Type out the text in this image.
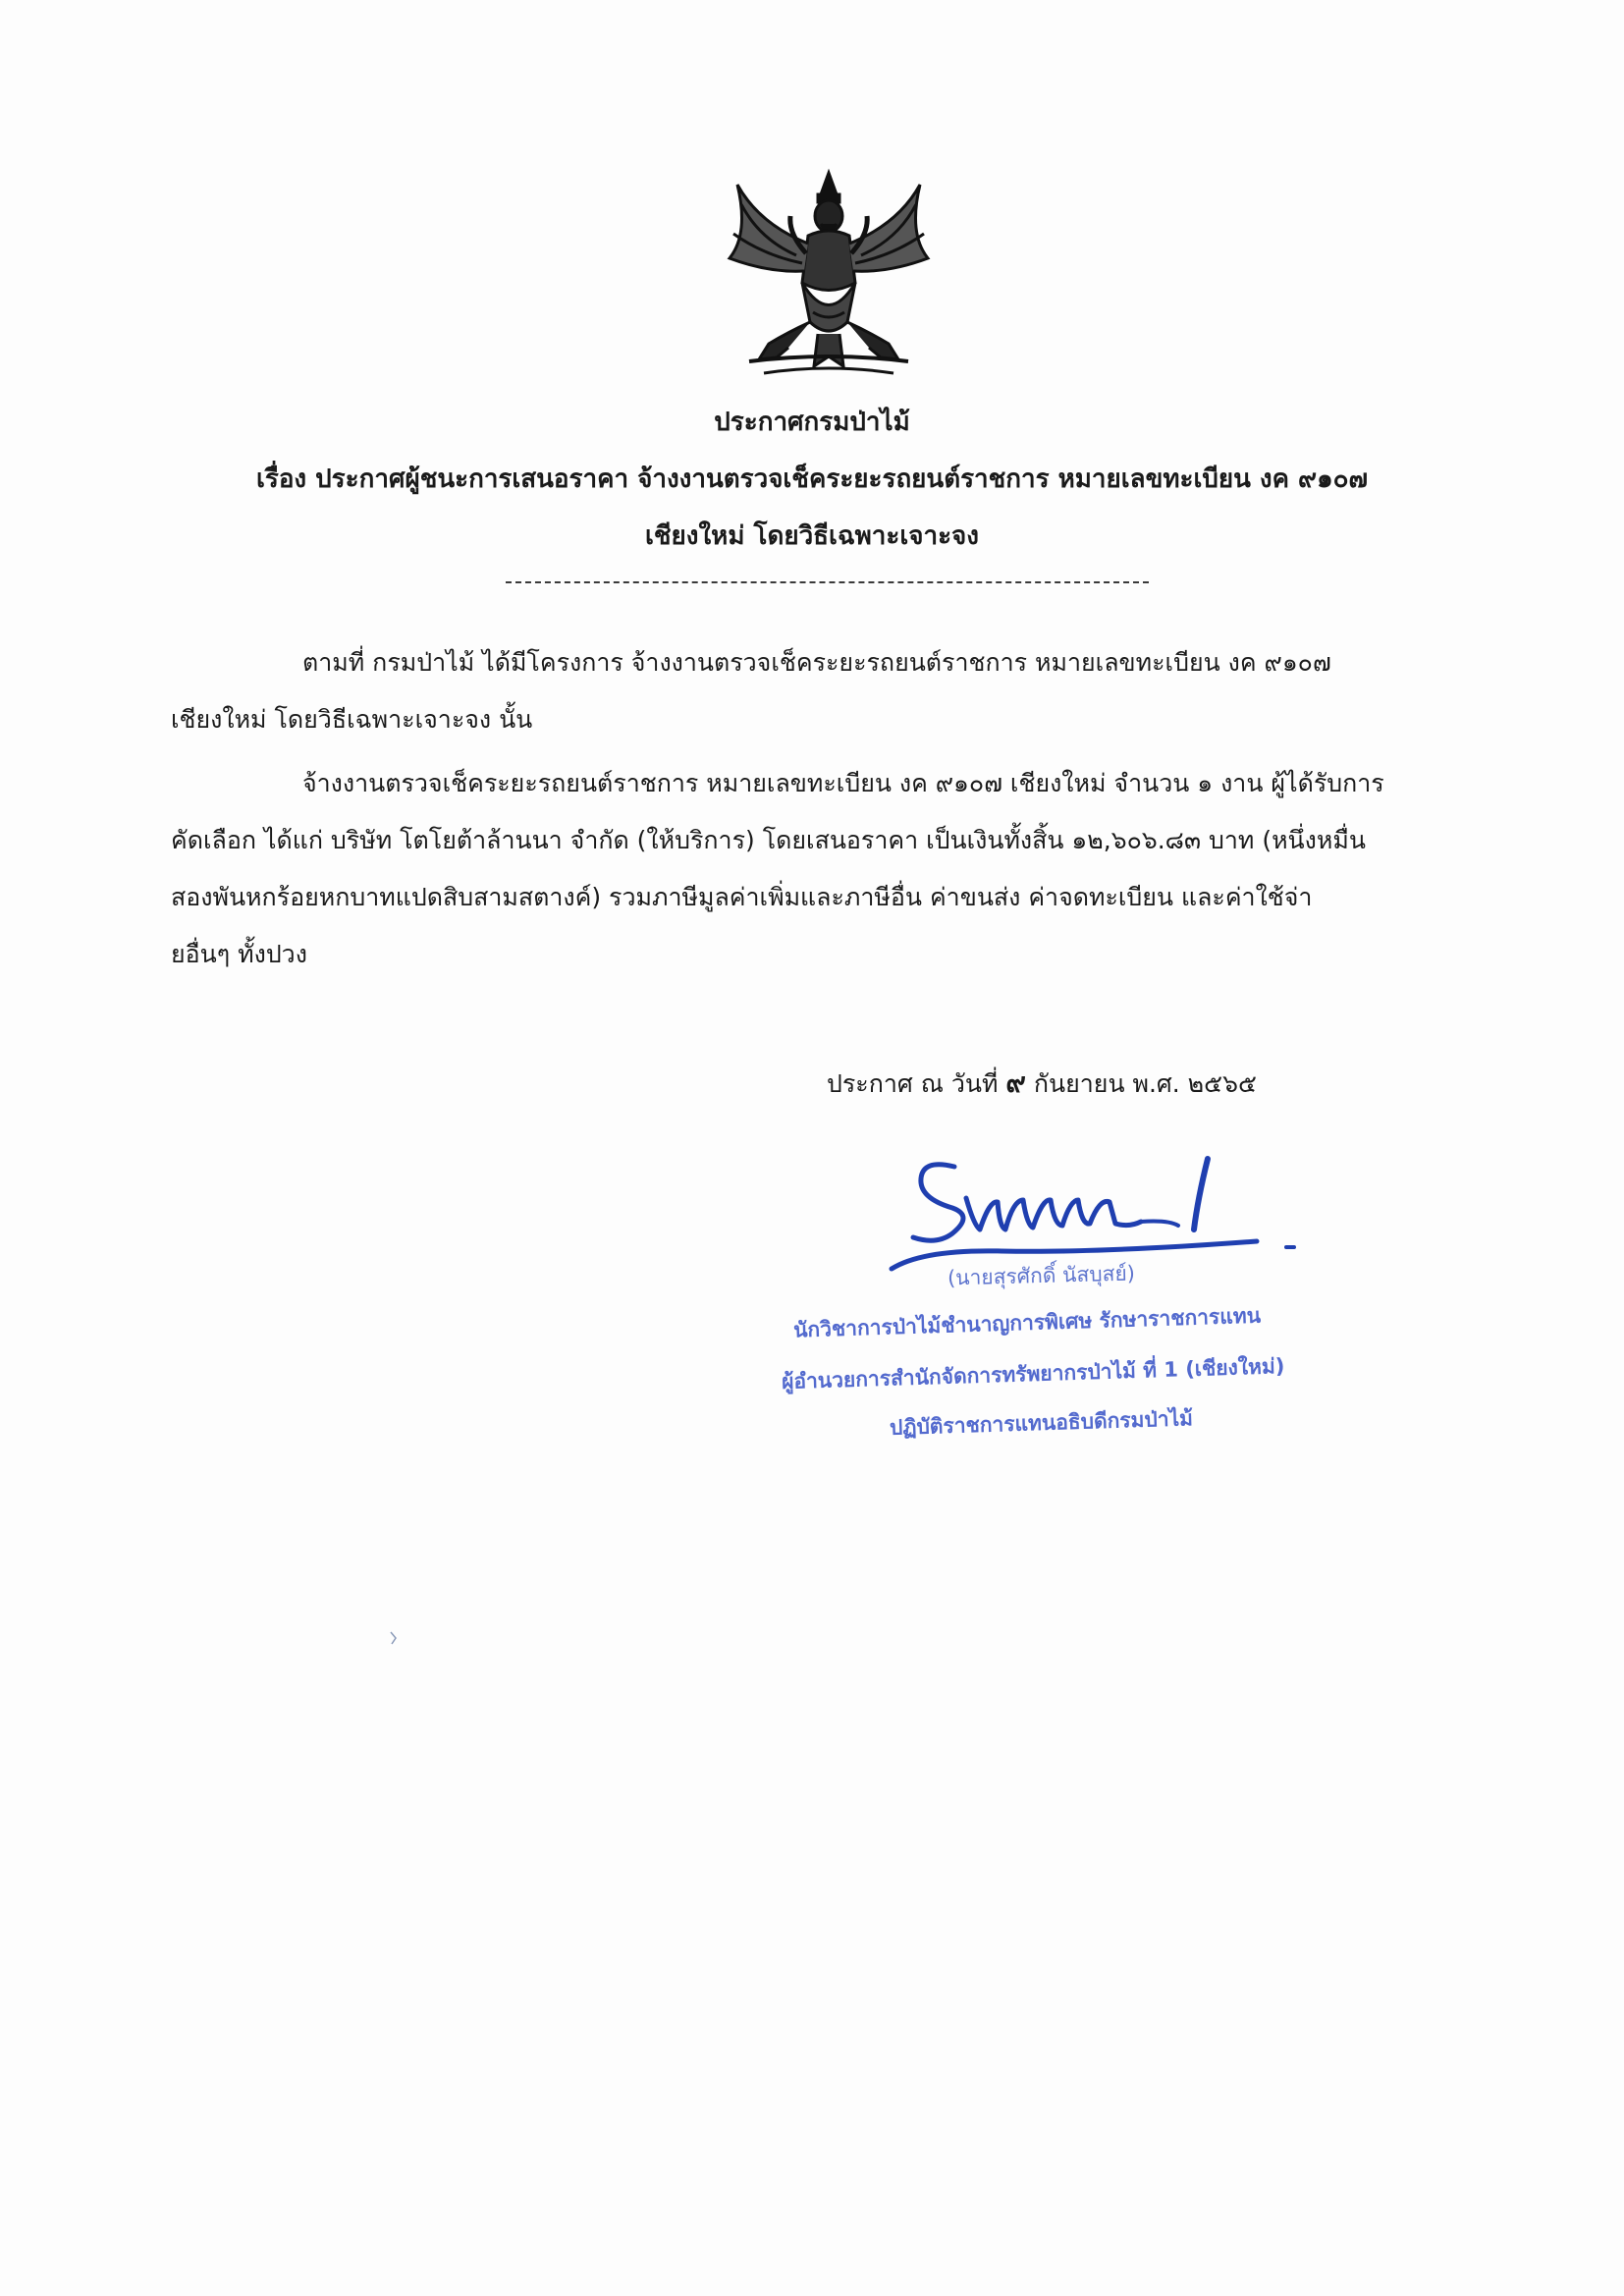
ประกาศกรมป่าไม้
เรื่อง ประกาศผู้ชนะการเสนอราคา จ้างงานตรวจเช็คระยะรถยนต์ราชการ หมายเลขทะเบียน งค ๙๑๐๗
เชียงใหม่ โดยวิธีเฉพาะเจาะจง
ตามที่ กรมป่าไม้ ได้มีโครงการ จ้างงานตรวจเช็คระยะรถยนต์ราชการ หมายเลขทะเบียน งค ๙๑๐๗
เชียงใหม่ โดยวิธีเฉพาะเจาะจง นั้น
จ้างงานตรวจเช็คระยะรถยนต์ราชการ หมายเลขทะเบียน งค ๙๑๐๗ เชียงใหม่ จำนวน ๑ งาน ผู้ได้รับการ
คัดเลือก ได้แก่ บริษัท โตโยต้าล้านนา จำกัด (ให้บริการ) โดยเสนอราคา เป็นเงินทั้งสิ้น ๑๒,๖๐๖.๘๓ บาท (หนึ่งหมื่น
สองพันหกร้อยหกบาทแปดสิบสามสตางค์) รวมภาษีมูลค่าเพิ่มและภาษีอื่น ค่าขนส่ง ค่าจดทะเบียน และค่าใช้จ่า
ยอื่นๆ ทั้งปวง
ประกาศ ณ วันที่ ๙ กันยายน พ.ศ. ๒๕๖๕
(นายสุรศักดิ์ นัสบุสย์)
นักวิชาการป่าไม้ชำนาญการพิเศษ รักษาราชการแทน
ผู้อำนวยการสำนักจัดการทรัพยากรป่าไม้ ที่ 1 (เชียงใหม่)
ปฏิบัติราชการแทนอธิบดีกรมป่าไม้
